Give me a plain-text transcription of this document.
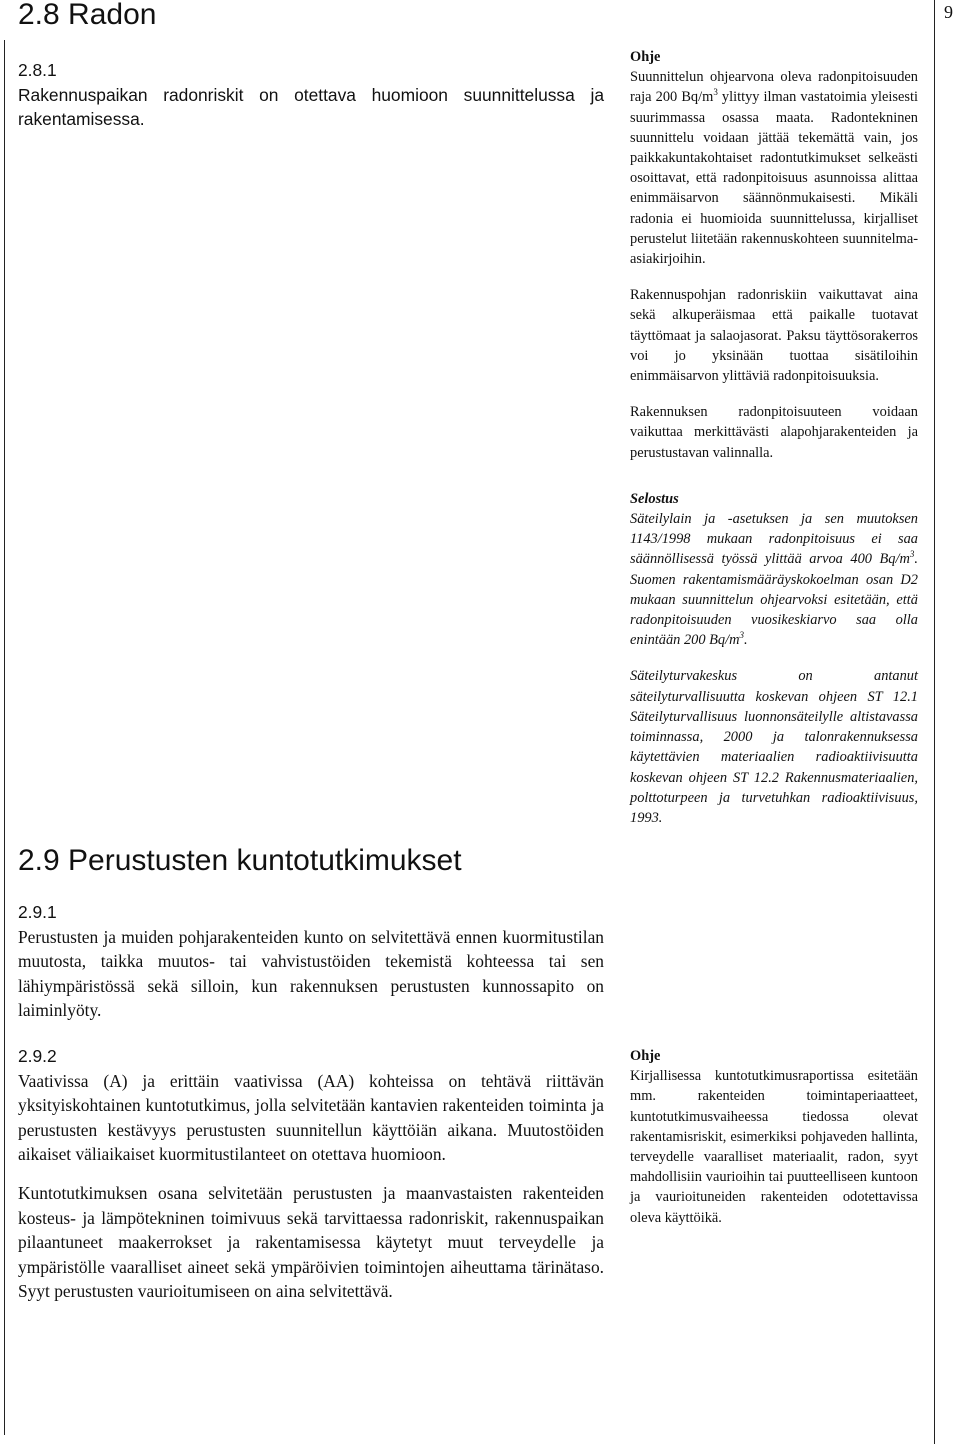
9
2.8 Radon
2.8.1

Rakennuspaikan radonriskit on otettava huomioon suunnittelussa ja rakentamisessa.

Ohje

Suunnittelun ohjearvona oleva radonpitoisuuden raja 200 $Bq/m^3$ ylittyy ilman vastatoimia yleisesti suurimmassa osassa maata. Radontekninen suunnittelu voidaan jättää tekemättä vain, jos paikkakuntakohtaiset radontutkimukset selkeästi osoittavat, että radonpitoisuus asunnoissa alittaa enimmäisarvon säännönmukaisesti. Mikäli radonia ei huomioida suunnittelussa, kirjalliset perustelut liitetään rakennuskohteen suunnitelma-asiakirjoihin.

Rakennuspohjan radonriskiin vaikuttavat aina sekä alkuperäismaa että paikalle tuotavat täyttömaat ja salaojasorat. Paksu täyttösorakerros voi jo yksinään tuottaa sisätiloihin enimmäisarvon ylittäviä radonpitoisuuksia.

Rakennuksen radonpitoisuuteen voidaan vaikuttaa merkittävästi alapohjarakenteiden ja perustustavan valinnalla.

Selostus

Säteilylain ja -asetuksen ja sen muutoksen 1143/1998 mukaan radonpitoisuus ei saa säännöllisessä työssä ylittää arvoa 400 $Bq/m^3$. Suomen rakentamismääräyskokoelman osan D2 mukaan suunnittelun ohjearvoksi esitetään, että radonpitoisuuden vuosikeskiarvo saa olla enintään 200 $Bq/m^3$.

Säteilyturvakeskus on antanut säteilyturvallisuutta koskevan ohjeen ST 12.1 Säteilyturvallisuus luonnonsäteilylle altistavassa toiminnassa, 2000 ja talonrakennuksessa käytettävien materiaalien radioaktiivisuutta koskevan ohjeen ST 12.2 Rakennusmateriaalien, polttoturpeen ja turvetuhkan radioaktiivisuus, 1993.

2.9 Perustusten kuntotutkimukset
2.9.1

Perustusten ja muiden pohjarakenteiden kunto on selvitettävä ennen kuormitustilan muutosta, taikka muutos- tai vahvistustöiden tekemistä kohteessa tai sen lähiympäristössä sekä silloin, kun rakennuksen perustusten kunnossapito on laiminlyöty.

2.9.2

Vaativissa (A) ja erittäin vaativissa (AA) kohteissa on tehtävä riittävän yksityiskohtainen kuntotutkimus, jolla selvitetään kantavien rakenteiden toiminta ja perustusten kestävyys perustusten suunnitellun käyttöiän aikana. Muutostöiden aikaiset väliaikaiset kuormitustilanteet on otettava huomioon.

Kuntotutkimuksen osana selvitetään perustusten ja maanvastaisten rakenteiden kosteus- ja lämpötekninen toimivuus sekä tarvittaessa radonriskit, rakennuspaikan pilaantuneet maakerrokset ja rakentamisessa käytetyt muut terveydelle ja ympäristölle vaaralliset aineet sekä ympäröivien toimintojen aiheuttama tärinätaso. Syyt perustusten vaurioitumiseen on aina selvitettävä.

Ohje

Kirjallisessa kuntotutkimusraportissa esitetään mm. rakenteiden toimintaperiaatteet, kuntotutkimusvaiheessa tiedossa olevat rakentamisriskit, esimerkiksi pohjaveden hallinta, terveydelle vaaralliset materiaalit, radon, syyt mahdollisiin vaurioihin tai puutteelliseen kuntoon ja vaurioituneiden rakenteiden odotettavissa oleva käyttöikä.
